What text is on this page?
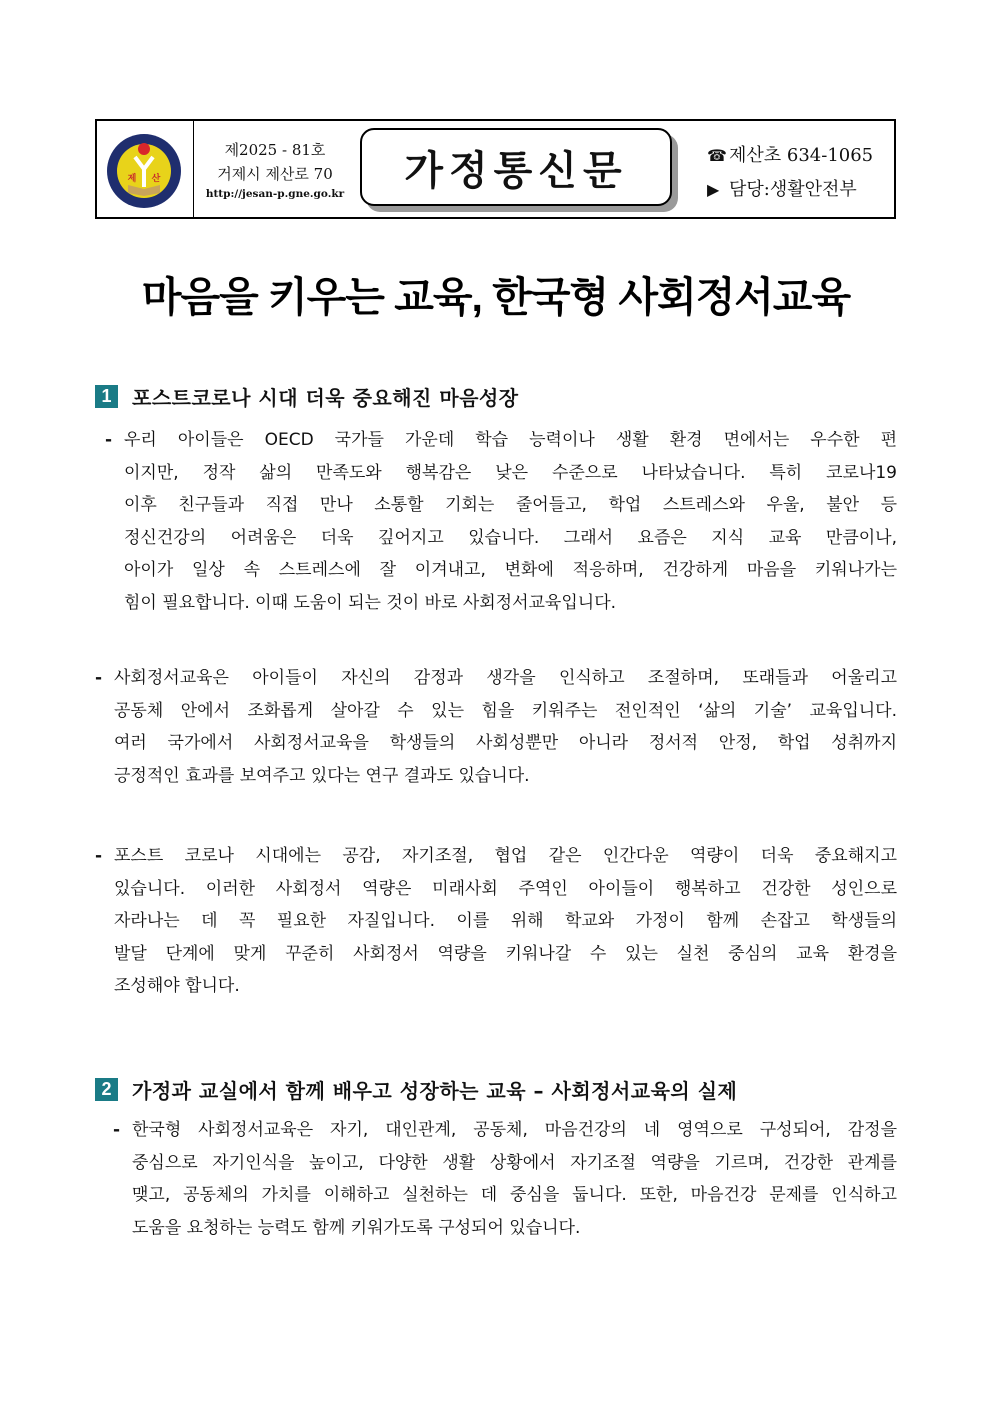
제 산
제2025 - 81호
거제시 제산로 70
http://jesan-p.gne.go.kr
가정통신문	☎ 제산초 634-1065
▶ 담당:생활안전부
마음을 키우는 교육, 한국형 사회정서교육
1	포스트코로나 시대 더욱 중요해진 마음성장
- 우리 아이들은 OECD 국가들 가운데 학습 능력이나 생활 환경 면에서는 우수한 편
이지만, 정작 삶의 만족도와 행복감은 낮은 수준으로 나타났습니다. 특히 코로나19
이후 친구들과 직접 만나 소통할 기회는 줄어들고, 학업 스트레스와 우울, 불안 등
정신건강의 어려움은 더욱 깊어지고 있습니다. 그래서 요즘은 지식 교육 만큼이나,
아이가 일상 속 스트레스에 잘 이겨내고, 변화에 적응하며, 건강하게 마음을 키워나가는
힘이 필요합니다. 이때 도움이 되는 것이 바로 사회정서교육입니다.
- 사회정서교육은 아이들이 자신의 감정과 생각을 인식하고 조절하며, 또래들과 어울리고
공동체 안에서 조화롭게 살아갈 수 있는 힘을 키워주는 전인적인 ‘삶의 기술’ 교육입니다.
여러 국가에서 사회정서교육을 학생들의 사회성뿐만 아니라 정서적 안정, 학업 성취까지
긍정적인 효과를 보여주고 있다는 연구 결과도 있습니다.
- 포스트 코로나 시대에는 공감, 자기조절, 협업 같은 인간다운 역량이 더욱 중요해지고
있습니다. 이러한 사회정서 역량은 미래사회 주역인 아이들이 행복하고 건강한 성인으로
자라나는 데 꼭 필요한 자질입니다. 이를 위해 학교와 가정이 함께 손잡고 학생들의
발달 단계에 맞게 꾸준히 사회정서 역량을 키워나갈 수 있는 실천 중심의 교육 환경을
조성해야 합니다.
2	가정과 교실에서 함께 배우고 성장하는 교육 – 사회정서교육의 실제
- 한국형 사회정서교육은 자기, 대인관계, 공동체, 마음건강의 네 영역으로 구성되어, 감정을
중심으로 자기인식을 높이고, 다양한 생활 상황에서 자기조절 역량을 기르며, 건강한 관계를
맺고, 공동체의 가치를 이해하고 실천하는 데 중심을 둡니다. 또한, 마음건강 문제를 인식하고
도움을 요청하는 능력도 함께 키워가도록 구성되어 있습니다.
